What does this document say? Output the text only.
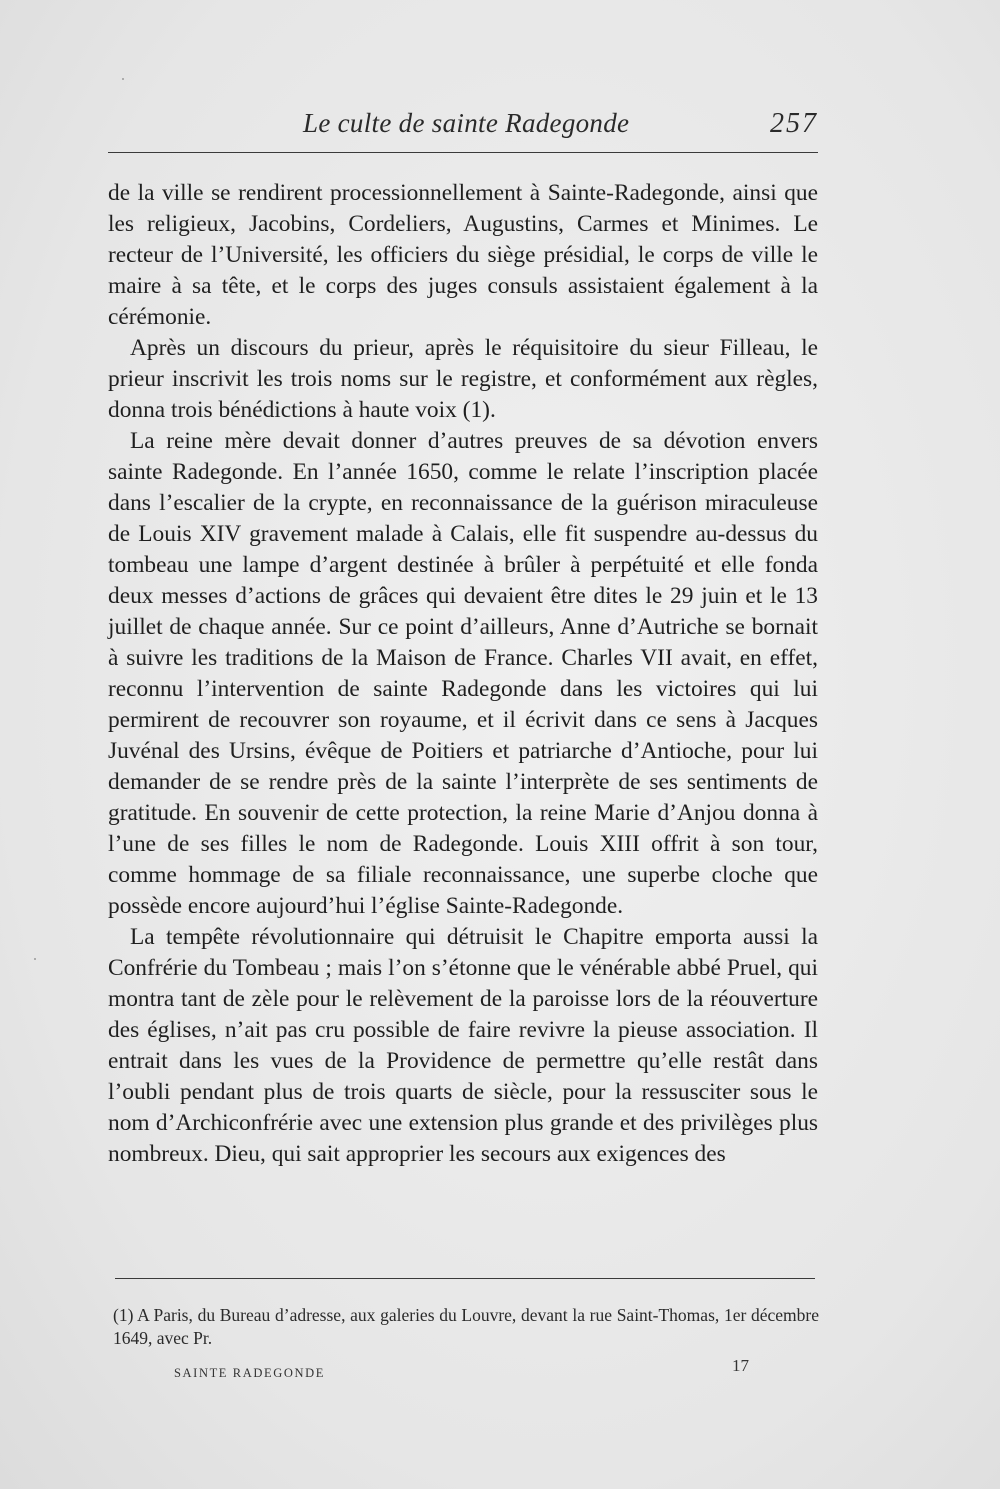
Le culte de sainte Radegonde	257

de la ville se rendirent processionnellement à Sainte-Radegonde, ainsi que les religieux, Jacobins, Cordeliers, Augustins, Carmes et Minimes. Le recteur de l’Université, les officiers du siège présidial, le corps de ville le maire à sa tête, et le corps des juges consuls assistaient également à la cérémonie.

Après un discours du prieur, après le réquisitoire du sieur Filleau, le prieur inscrivit les trois noms sur le registre, et conformément aux règles, donna trois bénédictions à haute voix (1).

La reine mère devait donner d’autres preuves de sa dévotion envers sainte Radegonde. En l’année 1650, comme le relate l’inscription placée dans l’escalier de la crypte, en reconnaissance de la guérison miraculeuse de Louis XIV gravement malade à Calais, elle fit suspendre au-dessus du tombeau une lampe d’argent destinée à brûler à perpétuité et elle fonda deux messes d’actions de grâces qui devaient être dites le 29 juin et le 13 juillet de chaque année. Sur ce point d’ailleurs, Anne d’Autriche se bornait à suivre les traditions de la Maison de France. Charles VII avait, en effet, reconnu l’intervention de sainte Radegonde dans les victoires qui lui permirent de recouvrer son royaume, et il écrivit dans ce sens à Jacques Juvénal des Ursins, évêque de Poitiers et patriarche d’Antioche, pour lui demander de se rendre près de la sainte l’interprète de ses sentiments de gratitude. En souvenir de cette protection, la reine Marie d’Anjou donna à l’une de ses filles le nom de Radegonde. Louis XIII offrit à son tour, comme hommage de sa filiale reconnaissance, une superbe cloche que possède encore aujourd’hui l’église Sainte-Radegonde.

La tempête révolutionnaire qui détruisit le Chapitre emporta aussi la Confrérie du Tombeau ; mais l’on s’étonne que le vénérable abbé Pruel, qui montra tant de zèle pour le relèvement de la paroisse lors de la réouverture des églises, n’ait pas cru possible de faire revivre la pieuse association. Il entrait dans les vues de la Providence de permettre qu’elle restât dans l’oubli pendant plus de trois quarts de siècle, pour la ressusciter sous le nom d’Archiconfrérie avec une extension plus grande et des privilèges plus nombreux. Dieu, qui sait approprier les secours aux exigences des

(1) A Paris, du Bureau d’adresse, aux galeries du Louvre, devant la rue Saint-Thomas, 1er décembre 1649, avec Pr.
SAINTE RADEGONDE	17
